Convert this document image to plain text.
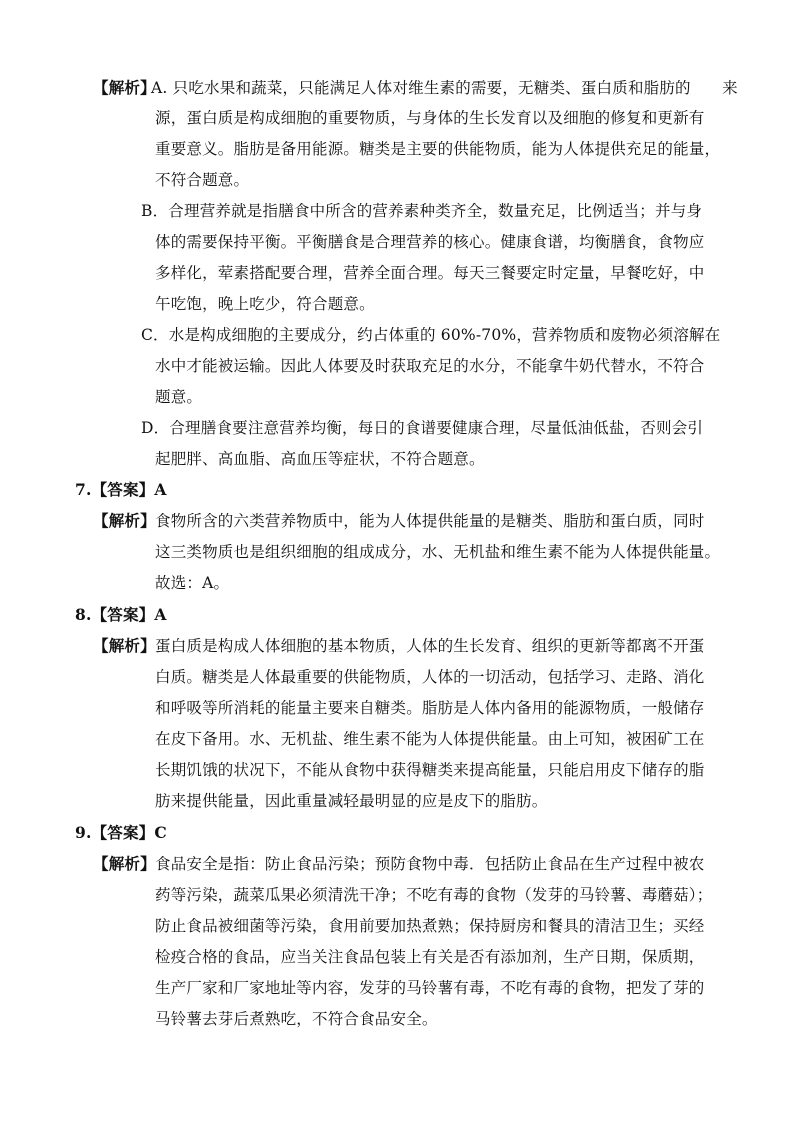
【解析】
A. 只吃水果和蔬菜，只能满足人体对维生素的需要，无糖类、蛋白质和脂肪的　　来
源，蛋白质是构成细胞的重要物质，与身体的生长发育以及细胞的修复和更新有
重要意义。脂肪是备用能源。糖类是主要的供能物质，能为人体提供充足的能量，
不符合题意。
B．合理营养就是指膳食中所含的营养素种类齐全，数量充足，比例适当；并与身
体的需要保持平衡。平衡膳食是合理营养的核心。健康食谱，均衡膳食，食物应
多样化，荤素搭配要合理，营养全面合理。每天三餐要定时定量，早餐吃好，中
午吃饱，晚上吃少，符合题意。
C．水是构成细胞的主要成分，约占体重的 60%-70%，营养物质和废物必须溶解在
水中才能被运输。因此人体要及时获取充足的水分，不能拿牛奶代替水，不符合
题意。
D．合理膳食要注意营养均衡，每日的食谱要健康合理，尽量低油低盐，否则会引
起肥胖、高血脂、高血压等症状，不符合题意。
7.【答案】A
【解析】 食物所含的六类营养物质中，能为人体提供能量的是糖类、脂肪和蛋白质，同时
这三类物质也是组织细胞的组成成分，水、无机盐和维生素不能为人体提供能量。
故选：A。
8.【答案】A
【解析】 蛋白质是构成人体细胞的基本物质，人体的生长发育、组织的更新等都离不开蛋
白质。糖类是人体最重要的供能物质，人体的一切活动，包括学习、走路、消化
和呼吸等所消耗的能量主要来自糖类。脂肪是人体内备用的能源物质，一般储存
在皮下备用。水、无机盐、维生素不能为人体提供能量。由上可知，被困矿工在
长期饥饿的状况下，不能从食物中获得糖类来提高能量，只能启用皮下储存的脂
肪来提供能量，因此重量减轻最明显的应是皮下的脂肪。
9.【答案】C
【解析】 食品安全是指：防止食品污染；预防食物中毒．包括防止食品在生产过程中被农
药等污染，蔬菜瓜果必须清洗干净；不吃有毒的食物（发芽的马铃薯、毒蘑菇）；
防止食品被细菌等污染，食用前要加热煮熟；保持厨房和餐具的清洁卫生；买经
检疫合格的食品，应当关注食品包装上有关是否有添加剂，生产日期，保质期，
生产厂家和厂家地址等内容，发芽的马铃薯有毒，不吃有毒的食物，把发了芽的
马铃薯去芽后煮熟吃，不符合食品安全。
